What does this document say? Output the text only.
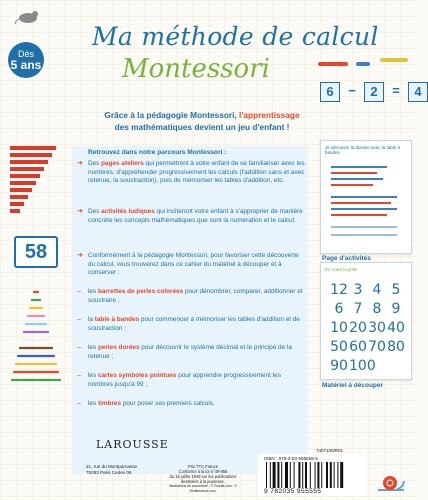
Ma méthode de calcul
Montessori
Dès
5 ans
6	−	2	=	4
Grâce à la pédagogie Montessori, l'apprentissage
des mathématiques devient un jeu d'enfant !
Retrouvez dans notre parcours Montessori :
➜ Des pages ateliers qui permettront à votre enfant de se familiariser avec les nombres, d'appréhender progressivement les calculs (l'addition sans et avec retenue, la soustraction), puis de mémoriser les tables d'addition, etc.
➜ Des activités ludiques qui inciteront votre enfant à s'approprier de manière concrète les concepts mathématiques que sont la numération et le calcul.
➜ Conformément à la pédagogie Montessori, pour favoriser cette découverte du calcul, vous trouverez dans ce cahier du matériel à découper et à conserver :
– les barrettes de perles colorées pour dénombrer, comparer, additionner et soustraire ;
– la table à bandes pour commencer à mémoriser les tables d'addition et de soustraction ;
– les perles dorées pour découvrir le système décimal et le principe de la retenue ;
– les cartes symboles pointues pour apprendre progressivement les nombres jusqu'à 99 ;
– les timbres pour poser ses premiers calculs.
58
Je découvre la dizaine avec la table à bandes
Page d'activités
En route la grille
12 3 4 5
6 7 8 9
10 20 30 40
50 60 70 80
90 100
Matériel à découper
LAROUSSE
21, rue du Montparnasse
75283 Paris Cedex 06
Prix TTC France
Conforme à la loi n°49-956
du 16 juillet 1949 sur les publications
destinées à la jeunesse.
Illustrations de couverture : © Fotolia.com ; © Shutterstock.com.
7407100/R01
ISBN : 978-2-03-595555-5
9 782035 955555
